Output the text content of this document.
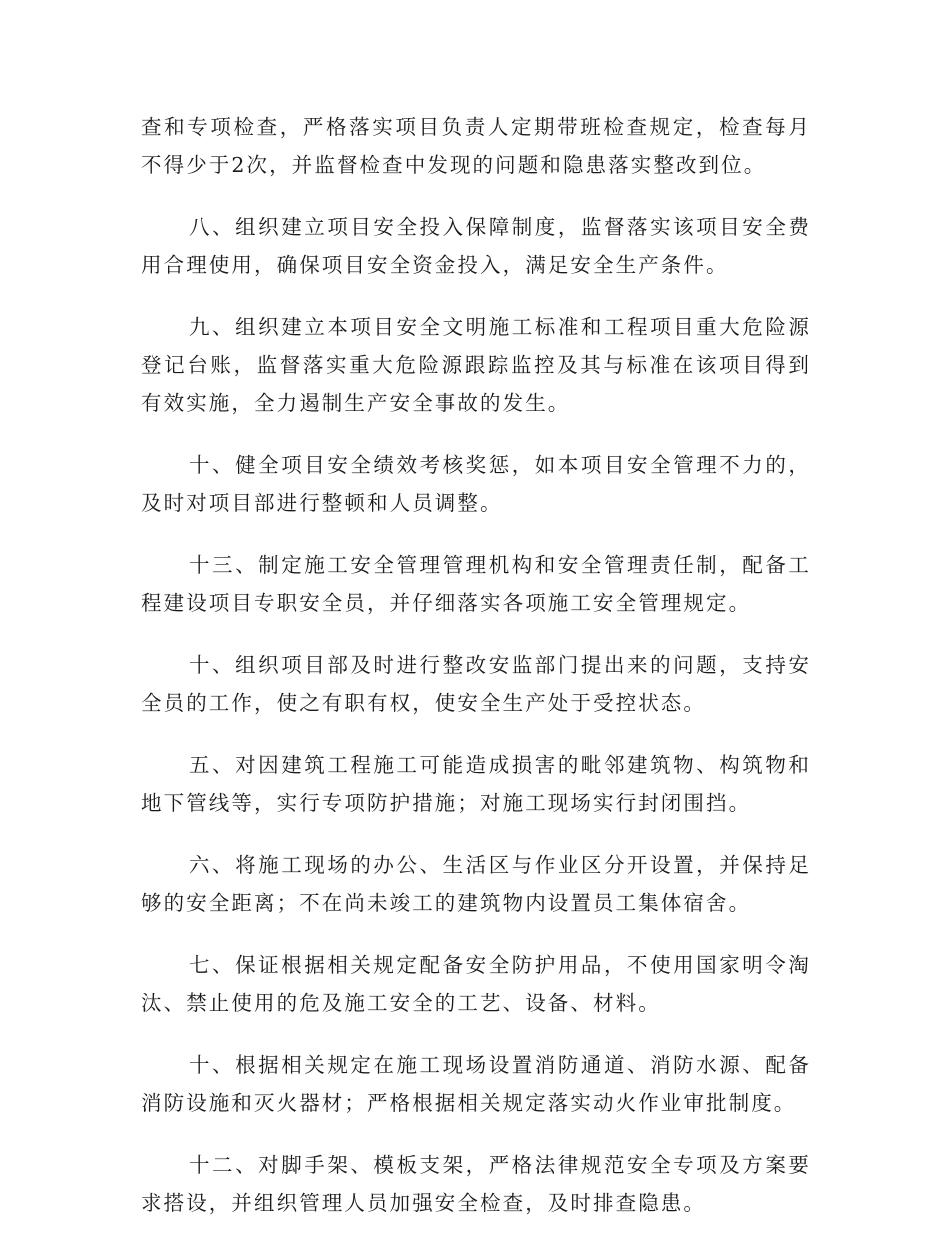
查和专项检查，严格落实项目负责人定期带班检查规定，检查每月不得少于2次，并监督检查中发现的问题和隐患落实整改到位。

八、组织建立项目安全投入保障制度，监督落实该项目安全费用合理使用，确保项目安全资金投入，满足安全生产条件。

九、组织建立本项目安全文明施工标准和工程项目重大危险源登记台账，监督落实重大危险源跟踪监控及其与标准在该项目得到有效实施，全力遏制生产安全事故的发生。

十、健全项目安全绩效考核奖惩，如本项目安全管理不力的，及时对项目部进行整顿和人员调整。

十三、制定施工安全管理管理机构和安全管理责任制，配备工程建设项目专职安全员，并仔细落实各项施工安全管理规定。

十、组织项目部及时进行整改安监部门提出来的问题，支持安全员的工作，使之有职有权，使安全生产处于受控状态。

五、对因建筑工程施工可能造成损害的毗邻建筑物、构筑物和地下管线等，实行专项防护措施；对施工现场实行封闭围挡。

六、将施工现场的办公、生活区与作业区分开设置，并保持足够的安全距离；不在尚未竣工的建筑物内设置员工集体宿舍。

七、保证根据相关规定配备安全防护用品，不使用国家明令淘汰、禁止使用的危及施工安全的工艺、设备、材料。

十、根据相关规定在施工现场设置消防通道、消防水源、配备消防设施和灭火器材；严格根据相关规定落实动火作业审批制度。

十二、对脚手架、模板支架，严格法律规范安全专项及方案要求搭设，并组织管理人员加强安全检查，及时排查隐患。
